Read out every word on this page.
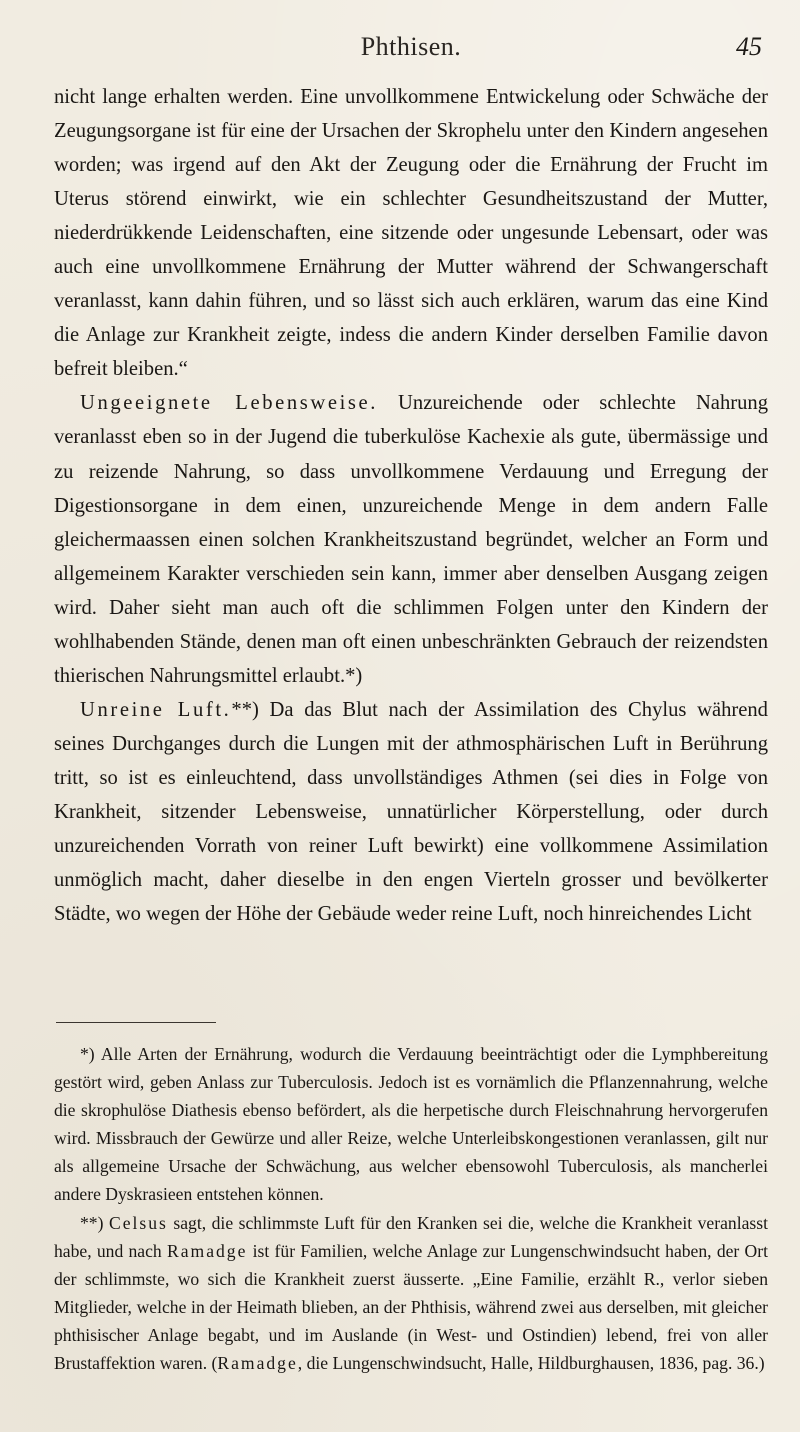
Phthisen.	45

nicht lange erhalten werden. Eine unvollkommene Entwickelung oder Schwäche der Zeugungsorgane ist für eine der Ursachen der Skrophelu unter den Kindern angesehen worden; was irgend auf den Akt der Zeugung oder die Ernährung der Frucht im Uterus störend einwirkt, wie ein schlechter Gesundheitszustand der Mutter, niederdrükkende Leidenschaften, eine sitzende oder ungesunde Lebensart, oder was auch eine unvollkommene Ernährung der Mutter während der Schwangerschaft veranlasst, kann dahin führen, und so lässt sich auch erklären, warum das eine Kind die Anlage zur Krankheit zeigte, indess die andern Kinder derselben Familie davon befreit bleiben.“

Ungeeignete Lebensweise. Unzureichende oder schlechte Nahrung veranlasst eben so in der Jugend die tuberkulöse Kachexie als gute, übermässige und zu reizende Nahrung, so dass unvollkommene Verdauung und Erregung der Digestionsorgane in dem einen, unzureichende Menge in dem andern Falle gleichermaassen einen solchen Krankheitszustand begründet, welcher an Form und allgemeinem Karakter verschieden sein kann, immer aber denselben Ausgang zeigen wird. Daher sieht man auch oft die schlimmen Folgen unter den Kindern der wohlhabenden Stände, denen man oft einen unbeschränkten Gebrauch der reizendsten thierischen Nahrungsmittel erlaubt.*)

Unreine Luft.**) Da das Blut nach der Assimilation des Chylus während seines Durchganges durch die Lungen mit der athmosphärischen Luft in Berührung tritt, so ist es einleuchtend, dass unvollständiges Athmen (sei dies in Folge von Krankheit, sitzender Lebensweise, unnatürlicher Körperstellung, oder durch unzureichenden Vorrath von reiner Luft bewirkt) eine vollkommene Assimilation unmöglich macht, daher dieselbe in den engen Vierteln grosser und bevölkerter Städte, wo wegen der Höhe der Gebäude weder reine Luft, noch hinreichendes Licht

*) Alle Arten der Ernährung, wodurch die Verdauung beeinträchtigt oder die Lymphbereitung gestört wird, geben Anlass zur Tuberculosis. Jedoch ist es vornämlich die Pflanzennahrung, welche die skrophulöse Diathesis ebenso befördert, als die herpetische durch Fleischnahrung hervorgerufen wird. Missbrauch der Gewürze und aller Reize, welche Unterleibskongestionen veranlassen, gilt nur als allgemeine Ursache der Schwächung, aus welcher ebensowohl Tuberculosis, als mancherlei andere Dyskrasieen entstehen können.

**) Celsus sagt, die schlimmste Luft für den Kranken sei die, welche die Krankheit veranlasst habe, und nach Ramadge ist für Familien, welche Anlage zur Lungenschwindsucht haben, der Ort der schlimmste, wo sich die Krankheit zuerst äusserte. „Eine Familie, erzählt R., verlor sieben Mitglieder, welche in der Heimath blieben, an der Phthisis, während zwei aus derselben, mit gleicher phthisischer Anlage begabt, und im Auslande (in West- und Ostindien) lebend, frei von aller Brustaffektion waren. (Ramadge, die Lungenschwindsucht, Halle, Hildburghausen, 1836, pag. 36.)
